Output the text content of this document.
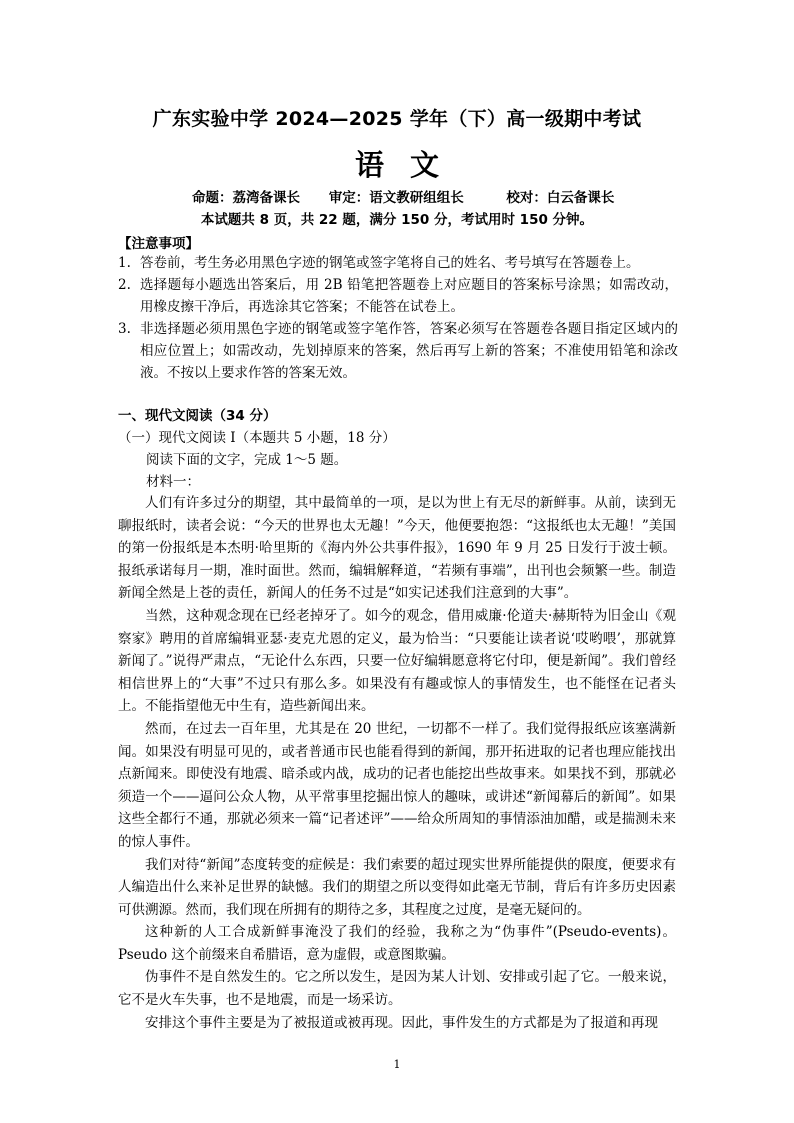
广东实验中学 2024—2025 学年（下）高一级期中考试
语文
命题：荔湾备课长 审定：语文教研组组长	校对：白云备课长
本试题共 8 页，共 22 题，满分 150 分，考试用时 150 分钟。
【注意事项】
1. 答卷前，考生务必用黑色字迹的钢笔或签字笔将自己的姓名、考号填写在答题卷上。
2. 选择题每小题选出答案后，用 2B 铅笔把答题卷上对应题目的答案标号涂黑；如需改动，用橡皮擦干净后，再选涂其它答案；不能答在试卷上。
3. 非选择题必须用黑色字迹的钢笔或签字笔作答，答案必须写在答题卷各题目指定区域内的相应位置上；如需改动，先划掉原来的答案，然后再写上新的答案；不准使用铅笔和涂改液。不按以上要求作答的答案无效。
一、现代文阅读（34 分）
（一）现代文阅读 I（本题共 5 小题，18 分）
阅读下面的文字，完成 1～5 题。
材料一：

人们有许多过分的期望，其中最简单的一项，是以为世上有无尽的新鲜事。从前，读到无聊报纸时，读者会说：“今天的世界也太无趣！”今天，他便要抱怨：“这报纸也太无趣！”美国的第一份报纸是本杰明·哈里斯的《海内外公共事件报》，1690 年 9 月 25 日发行于波士顿。报纸承诺每月一期，准时面世。然而，编辑解释道，“若频有事端”，出刊也会频繁一些。制造新闻全然是上苍的责任，新闻人的任务不过是“如实记述我们注意到的大事”。

当然，这种观念现在已经老掉牙了。如今的观念，借用威廉·伦道夫·赫斯特为旧金山《观察家》聘用的首席编辑亚瑟·麦克尤恩的定义，最为恰当：“只要能让读者说‘哎哟喂’，那就算新闻了。”说得严肃点，“无论什么东西，只要一位好编辑愿意将它付印，便是新闻”。我们曾经相信世界上的“大事”不过只有那么多。如果没有有趣或惊人的事情发生，也不能怪在记者头上。不能指望他无中生有，造些新闻出来。

然而，在过去一百年里，尤其是在 20 世纪，一切都不一样了。我们觉得报纸应该塞满新闻。如果没有明显可见的，或者普通市民也能看得到的新闻，那开拓进取的记者也理应能找出点新闻来。即使没有地震、暗杀或内战，成功的记者也能挖出些故事来。如果找不到，那就必须造一个——逼问公众人物，从平常事里挖掘出惊人的趣味，或讲述“新闻幕后的新闻”。如果这些全都行不通，那就必须来一篇“记者述评”——给众所周知的事情添油加醋，或是揣测未来的惊人事件。

我们对待“新闻”态度转变的症候是：我们索要的超过现实世界所能提供的限度，便要求有人编造出什么来补足世界的缺憾。我们的期望之所以变得如此毫无节制，背后有许多历史因素可供溯源。然而，我们现在所拥有的期待之多，其程度之过度，是毫无疑问的。

这种新的人工合成新鲜事淹没了我们的经验，我称之为“伪事件”(Pseudo-events)。Pseudo 这个前缀来自希腊语，意为虚假，或意图欺骗。

伪事件不是自然发生的。它之所以发生，是因为某人计划、安排或引起了它。一般来说，它不是火车失事，也不是地震，而是一场采访。

安排这个事件主要是为了被报道或被再现。因此，事件发生的方式都是为了报道和再现

1
